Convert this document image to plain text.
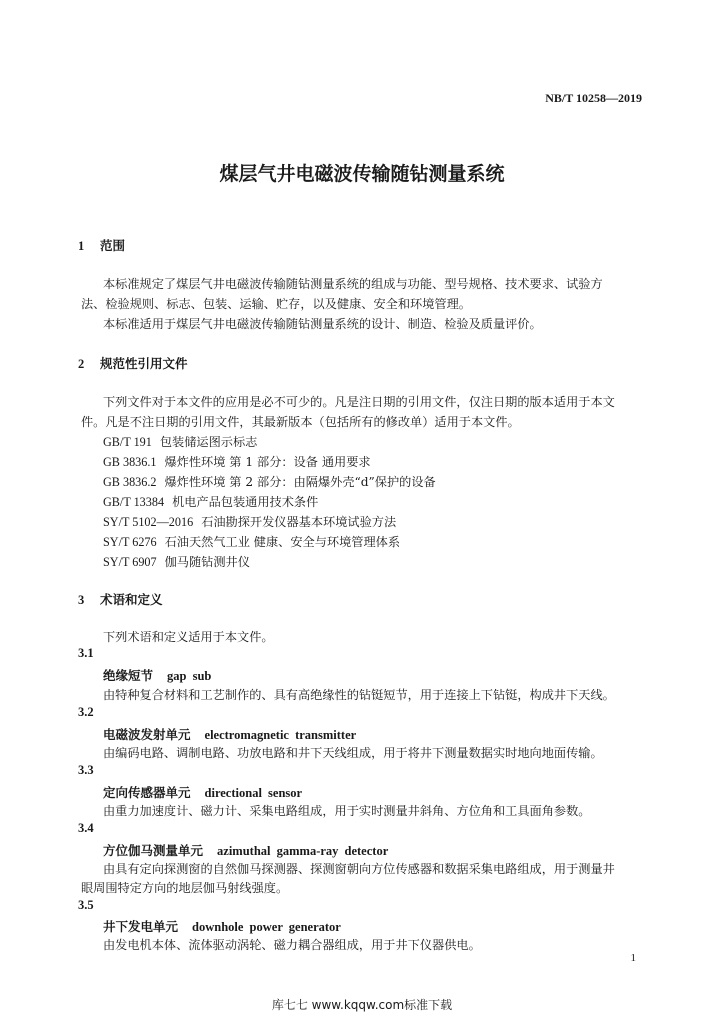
NB/T 10258—2019
煤层气井电磁波传输随钻测量系统
1 范围
本标准规定了煤层气井电磁波传输随钻测量系统的组成与功能、型号规格、技术要求、试验方
法、检验规则、标志、包装、运输、贮存，以及健康、安全和环境管理。
本标准适用于煤层气井电磁波传输随钻测量系统的设计、制造、检验及质量评价。
2 规范性引用文件
下列文件对于本文件的应用是必不可少的。凡是注日期的引用文件，仅注日期的版本适用于本文
件。凡是不注日期的引用文件，其最新版本（包括所有的修改单）适用于本文件。
GB/T 191 包装储运图示标志
GB 3836.1 爆炸性环境 第 1 部分：设备 通用要求
GB 3836.2 爆炸性环境 第 2 部分：由隔爆外壳“d”保护的设备
GB/T 13384 机电产品包装通用技术条件
SY/T 5102—2016 石油勘探开发仪器基本环境试验方法
SY/T 6276 石油天然气工业 健康、安全与环境管理体系
SY/T 6907 伽马随钻测井仪
3 术语和定义
下列术语和定义适用于本文件。
3.1
绝缘短节 gap sub
由特种复合材料和工艺制作的、具有高绝缘性的钻铤短节，用于连接上下钻铤，构成井下天线。
3.2
电磁波发射单元 electromagnetic transmitter
由编码电路、调制电路、功放电路和井下天线组成，用于将井下测量数据实时地向地面传输。
3.3
定向传感器单元 directional sensor
由重力加速度计、磁力计、采集电路组成，用于实时测量井斜角、方位角和工具面角参数。
3.4
方位伽马测量单元 azimuthal gamma-ray detector
由具有定向探测窗的自然伽马探测器、探测窗朝向方位传感器和数据采集电路组成，用于测量井
眼周围特定方向的地层伽马射线强度。
3.5
井下发电单元 downhole power generator
由发电机本体、流体驱动涡轮、磁力耦合器组成，用于井下仪器供电。
1
库七七 www.kqqw.com标准下载
